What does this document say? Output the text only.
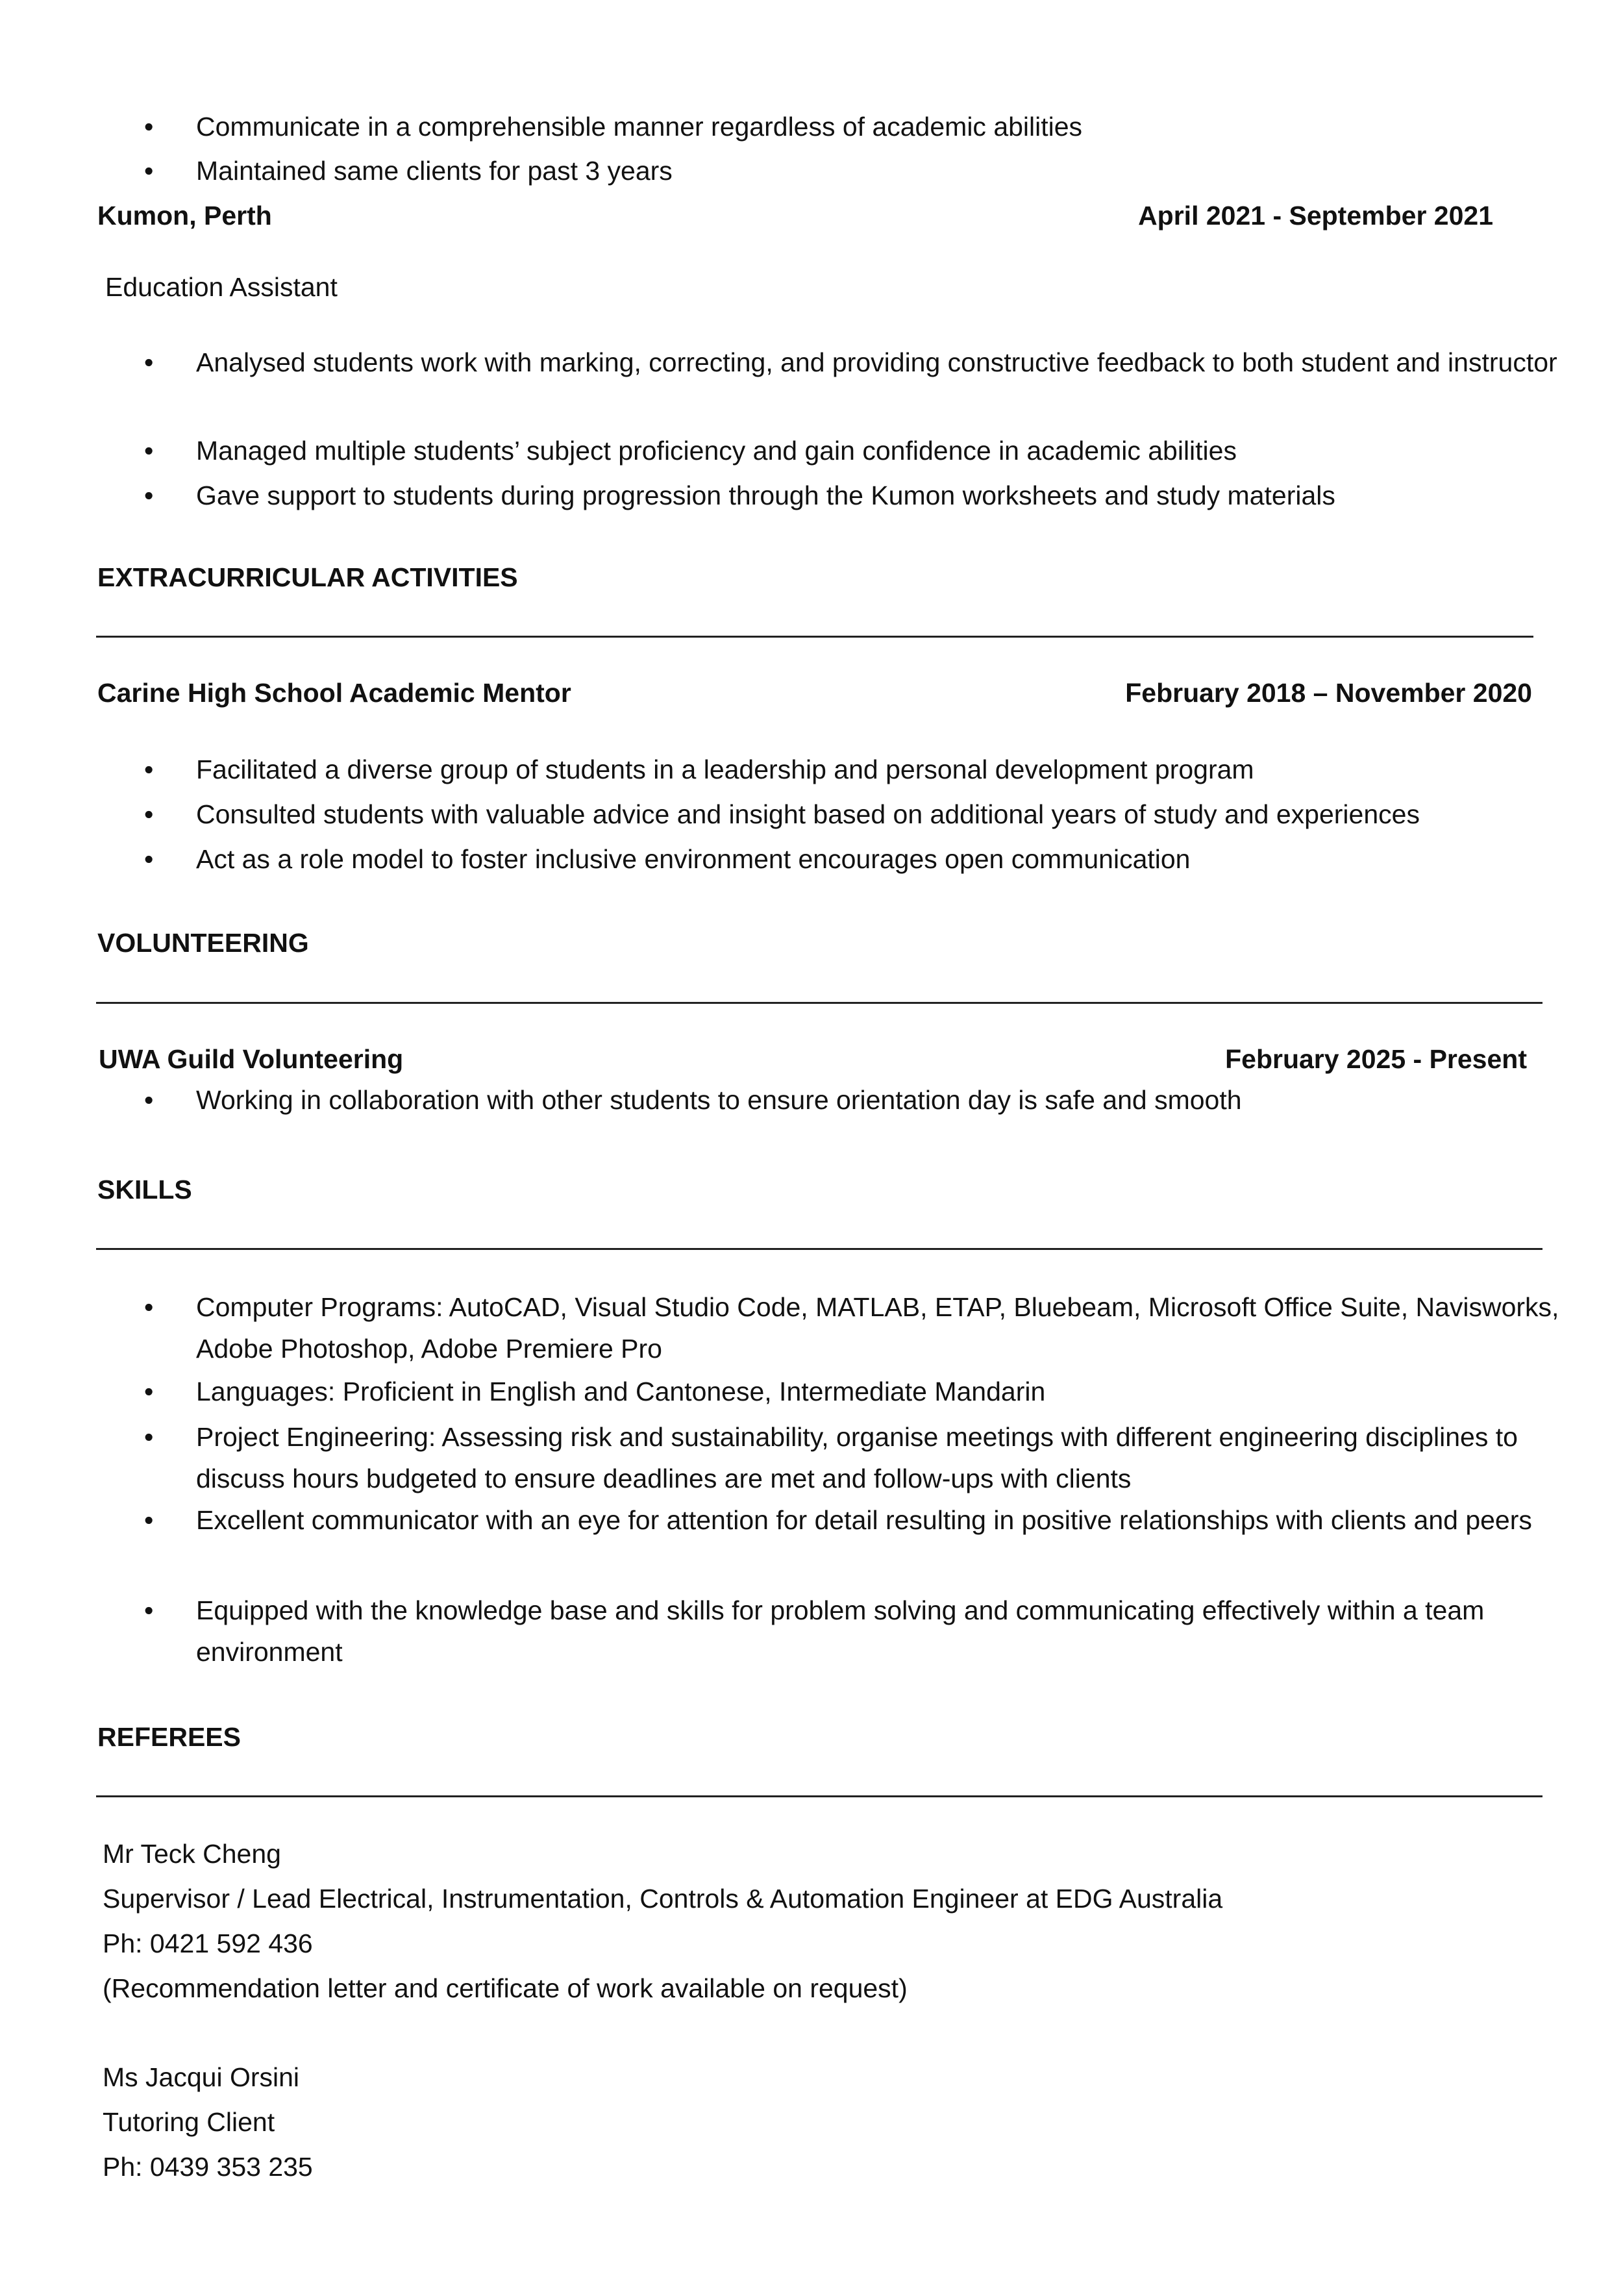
• Communicate in a comprehensible manner regardless of academic abilities
• Maintained same clients for past 3 years
Kumon, Perth	April 2021 - September 2021
Education Assistant
• Analysed students work with marking, correcting, and providing constructive feedback to both student and instructor
• Managed multiple students’ subject proficiency and gain confidence in academic abilities
• Gave support to students during progression through the Kumon worksheets and study materials
EXTRACURRICULAR ACTIVITIES
Carine High School Academic Mentor	February 2018 – November 2020
• Facilitated a diverse group of students in a leadership and personal development program
• Consulted students with valuable advice and insight based on additional years of study and experiences
• Act as a role model to foster inclusive environment encourages open communication
VOLUNTEERING
UWA Guild Volunteering	February 2025 - Present
• Working in collaboration with other students to ensure orientation day is safe and smooth
SKILLS
• Computer Programs: AutoCAD, Visual Studio Code, MATLAB, ETAP, Bluebeam, Microsoft Office Suite, Navisworks, Adobe Photoshop, Adobe Premiere Pro
• Languages: Proficient in English and Cantonese, Intermediate Mandarin
• Project Engineering: Assessing risk and sustainability, organise meetings with different engineering disciplines to discuss hours budgeted to ensure deadlines are met and follow-ups with clients
• Excellent communicator with an eye for attention for detail resulting in positive relationships with clients and peers
• Equipped with the knowledge base and skills for problem solving and communicating effectively within a team environment
REFEREES
Mr Teck Cheng
Supervisor / Lead Electrical, Instrumentation, Controls & Automation Engineer at EDG Australia
Ph: 0421 592 436
(Recommendation letter and certificate of work available on request)
Ms Jacqui Orsini
Tutoring Client
Ph: 0439 353 235
